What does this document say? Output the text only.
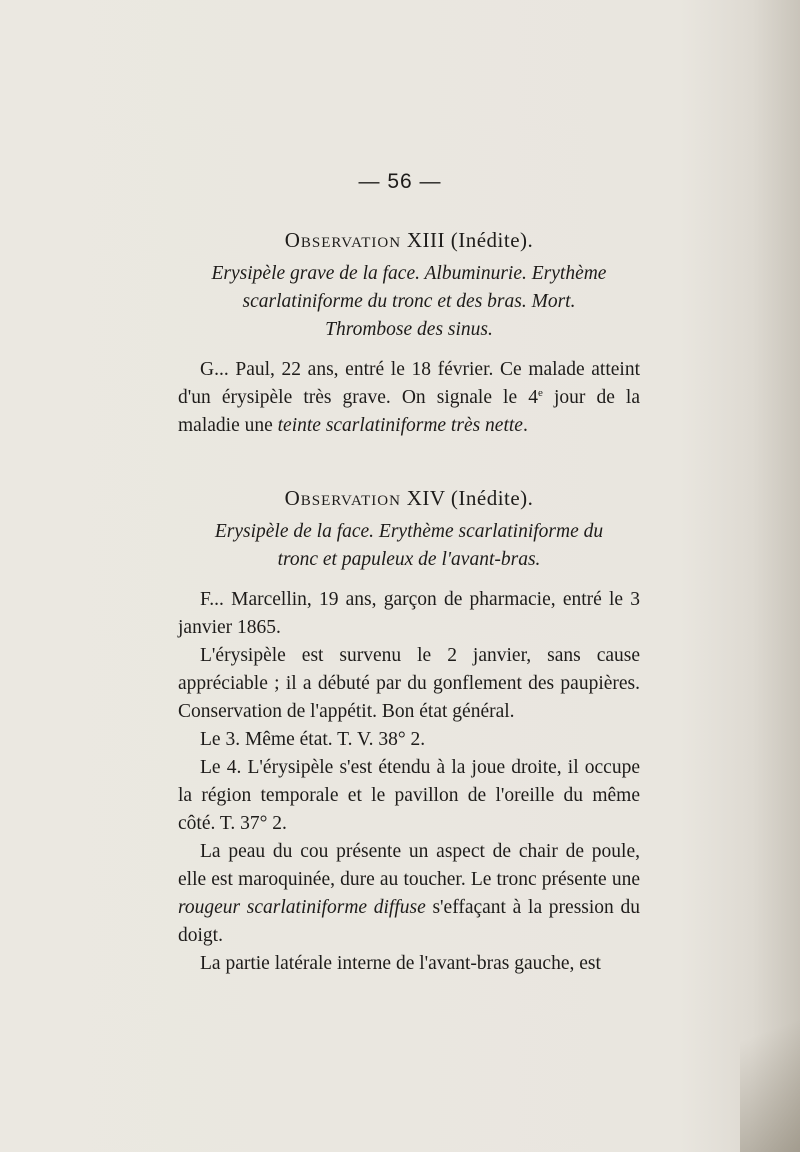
— 56 —
Observation XIII (Inédite).
Erysipèle grave de la face. Albuminurie. Erythème
scarlatiniforme du tronc et des bras. Mort.
Thrombose des sinus.

G... Paul, 22 ans, entré le 18 février. Ce malade atteint d'un érysipèle très grave. On signale le 4e jour de la maladie une teinte scarlatiniforme très nette.

Observation XIV (Inédite).
Erysipèle de la face. Erythème scarlatiniforme du
tronc et papuleux de l'avant-bras.

F... Marcellin, 19 ans, garçon de pharmacie, entré le 3 janvier 1865.

L'érysipèle est survenu le 2 janvier, sans cause appréciable ; il a débuté par du gonflement des paupières. Conservation de l'appétit. Bon état général.

Le 3. Même état. T. V. 38° 2.

Le 4. L'érysipèle s'est étendu à la joue droite, il occupe la région temporale et le pavillon de l'oreille du même côté. T. 37° 2.

La peau du cou présente un aspect de chair de poule, elle est maroquinée, dure au toucher. Le tronc présente une rougeur scarlatiniforme diffuse s'effaçant à la pression du doigt.

La partie latérale interne de l'avant-bras gauche, est
